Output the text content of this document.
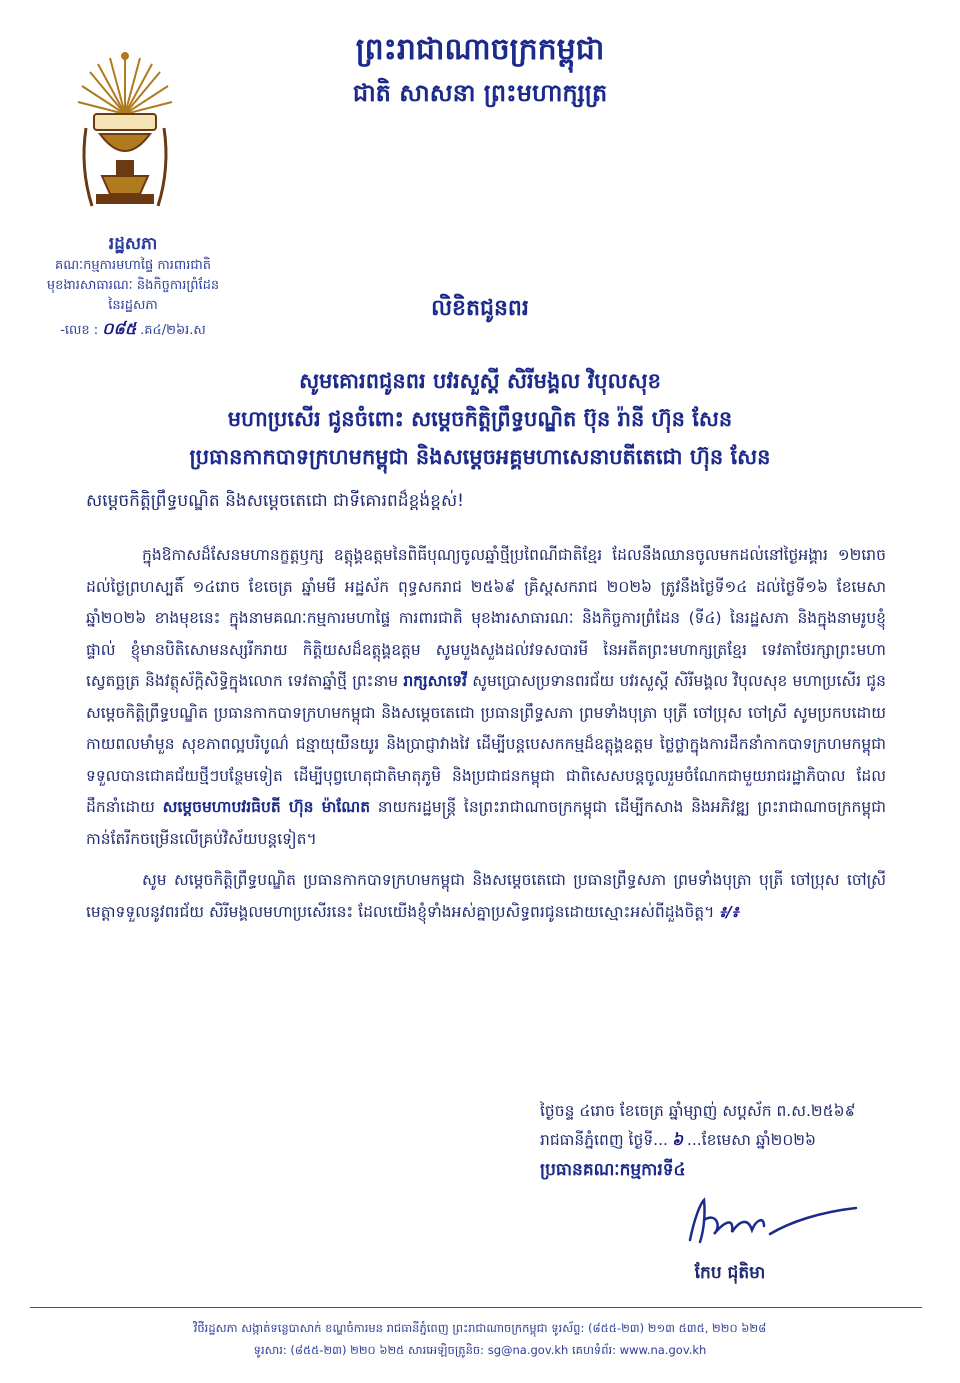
ព្រះរាជាណាចក្រកម្ពុជា
ជាតិ សាសនា ព្រះមហាក្សត្រ
រដ្ឋសភា
គណៈកម្មការមហាផ្ទៃ ការពារជាតិ
មុខងារសាធារណៈ និងកិច្ចការព្រំដែន
នៃរដ្ឋសភា
-លេខ : ០៨៥ .គ៤/២៦រ.ស
លិខិតជូនពរ
សូមគោរពជូនពរ បវរសួស្តី សិរីមង្គល វិបុលសុខ
មហាប្រសើរ ជូនចំពោះ សម្តេចកិត្តិព្រឹទ្ធបណ្ឌិត ប៊ុន រ៉ានី ហ៊ុន សែន
ប្រធានកាកបាទក្រហមកម្ពុជា និងសម្តេចអគ្គមហាសេនាបតីតេជោ ហ៊ុន សែន
សម្តេចកិត្តិព្រឹទ្ធបណ្ឌិត និងសម្តេចតេជោ ជាទីគោរពដ៏ខ្ពង់ខ្ពស់!

ក្នុងឱកាសដ៏សែនមហានក្ខត្តឫក្ស ឧត្តុង្គឧត្តមនៃពិធីបុណ្យចូលឆ្នាំថ្មីប្រពៃណីជាតិខ្មែរ ដែលនឹងឈានចូលមកដល់នៅថ្ងៃអង្គារ ១២រោច ដល់ថ្ងៃព្រហស្បតិ៍ ១៤រោច ខែចេត្រ ឆ្នាំមមី អដ្ឋស័ក ពុទ្ធសករាជ ២៥៦៩ គ្រិស្តសករាជ ២០២៦ ត្រូវនឹងថ្ងៃទី១៤ ដល់ថ្ងៃទី១៦ ខែមេសា ឆ្នាំ២០២៦ ខាងមុខនេះ ក្នុងនាមគណៈកម្មការមហាផ្ទៃ ការពារជាតិ មុខងារសាធារណៈ និងកិច្ចការព្រំដែន (ទី៤) នៃរដ្ឋសភា និងក្នុងនាមរូបខ្ញុំផ្ទាល់ ខ្ញុំមានបិតិសោមនស្សរីករាយ កិត្តិយសដ៏ឧត្តុង្គឧត្តម សូមបួងសួងដល់វទសបារមី នៃអតីតព្រះមហាក្សត្រខ្មែរ ទេវតាថែរក្សាព្រះមហាស្វេតច្ឆត្រ និងវត្ថុស័ក្តិសិទ្ធិក្នុងលោក ទេវតាឆ្នាំថ្មី ព្រះនាម រាក្សសាទេវី សូមប្រោសប្រទានពរជ័យ បវរសួស្តី សិរីមង្គល វិបុលសុខ មហាប្រសើរ ជូន សម្តេចកិត្តិព្រឹទ្ធបណ្ឌិត ប្រធានកាកបាទក្រហមកម្ពុជា និងសម្តេចតេជោ ប្រធានព្រឹទ្ធសភា ព្រមទាំងបុត្រា បុត្រី ចៅប្រុស ចៅស្រី សូមប្រកបដោយកាយពលមាំមួន សុខភាពល្អបរិបូណ៌ ជន្មាយុយឺនយូរ និងប្រាជ្ញាវាងវៃ ដើម្បីបន្តបេសកកម្មដ៏ឧត្តុង្គឧត្តម ថ្លៃថ្លាក្នុងការដឹកនាំកាកបាទក្រហមកម្ពុជាទទួលបានជោគជ័យថ្មីៗបន្ថែមទៀត ដើម្បីបុព្វហេតុជាតិមាតុភូមិ និងប្រជាជនកម្ពុជា ជាពិសេសបន្តចូលរួមចំណែកជាមួយរាជរដ្ឋាភិបាល ដែលដឹកនាំដោយ សម្តេចមហាបវរធិបតី ហ៊ុន ម៉ាណែត នាយករដ្ឋមន្ត្រី នៃព្រះរាជាណាចក្រកម្ពុជា ដើម្បីកសាង និងអភិវឌ្ឍ ព្រះរាជាណាចក្រកម្ពុជាកាន់តែរីកចម្រើនលើគ្រប់វិស័យបន្តទៀត។

សូម សម្តេចកិត្តិព្រឹទ្ធបណ្ឌិត ប្រធានកាកបាទក្រហមកម្ពុជា និងសម្តេចតេជោ ប្រធានព្រឹទ្ធសភា ព្រមទាំងបុត្រា បុត្រី ចៅប្រុស ចៅស្រី មេត្តាទទួលនូវពរជ័យ សិរីមង្គលមហាប្រសើរនេះ ដែលយើងខ្ញុំទាំងអស់គ្នាប្រសិទ្ធពរជូនដោយស្មោះអស់ពីដួងចិត្ត។ ៖/៖

ថ្ងៃចន្ទ ៤រោច ខែចេត្រ ឆ្នាំម្សាញ់ សប្តស័ក ព.ស.២៥៦៩
រាជធានីភ្នំពេញ ថ្ងៃទី... ៦ ...ខែមេសា ឆ្នាំ២០២៦
ប្រធានគណៈកម្មការទី៤
កែប ជុតិមា
វិថីរដ្ឋសភា សង្កាត់ទន្លេបាសាក់ ខណ្ឌចំការមន រាជធានីភ្នំពេញ ព្រះរាជាណាចក្រកម្ពុជា ទូរស័ព្ទ: (៨៥៥-២៣) ២១៣ ៥៣៥, ២២០ ៦២៨
ទូរសារ: (៨៥៥-២៣) ២២០ ៦២៥ សារអេឡិចត្រូនិច: sg@na.gov.kh គេហទំព័រ: www.na.gov.kh
